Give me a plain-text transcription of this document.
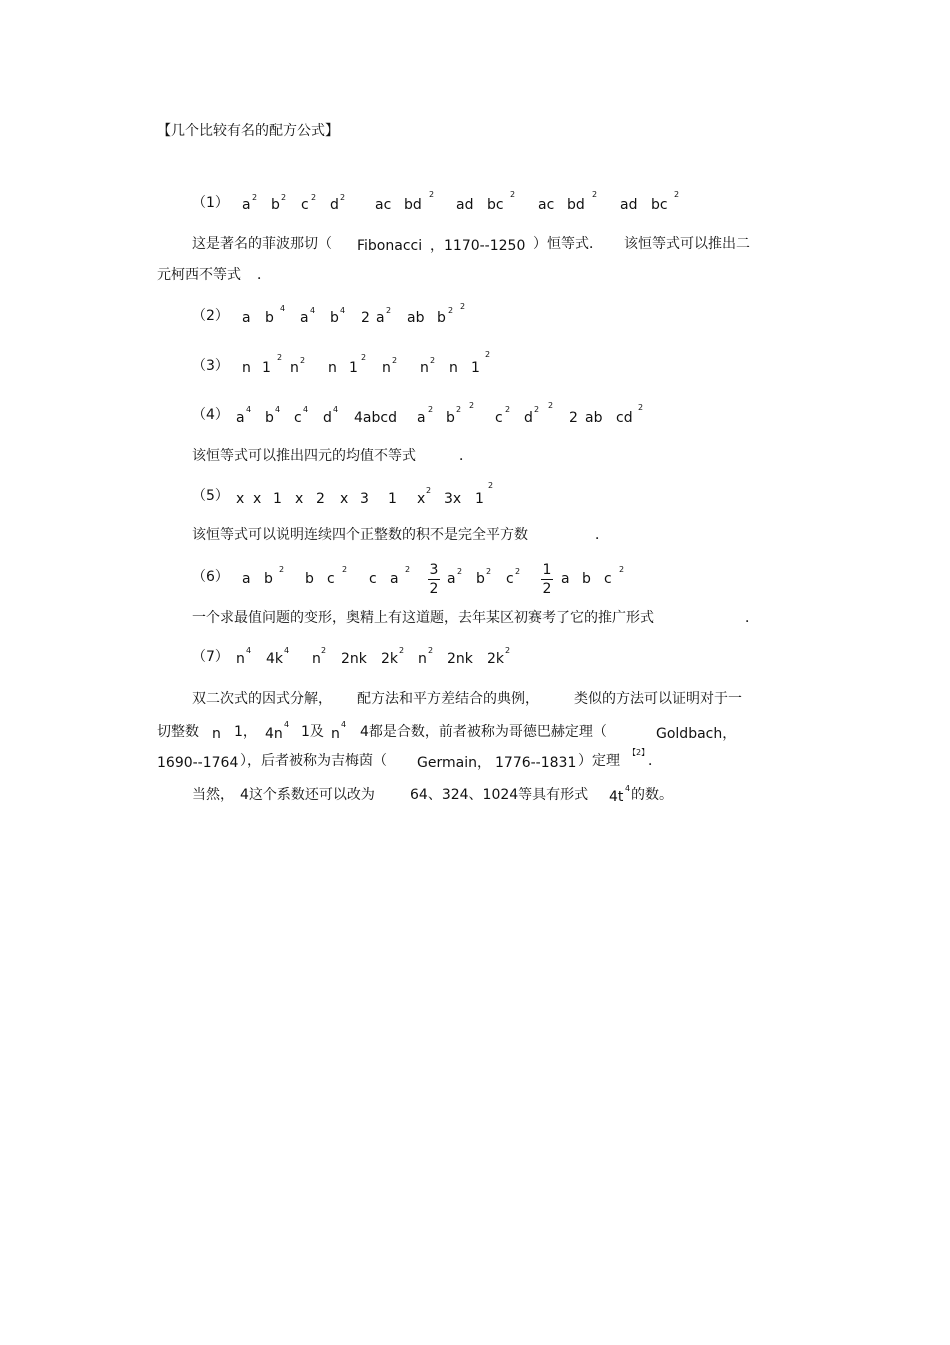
【几个比较有名的配方公式】
（1） a 2 b 2 c 2 d 2 ac bd
2
ad bc
2
ac bd
2
ad bc
2
这是著名的菲波那切（ Fibonacci ，1170--1250 ）恒等式． 该恒等式可以推出二
元柯西不等式 ．
（2） a b
4
a 4 b 4 2 a 2 ab b 2 2
（3） n 1
2
n 2 n 1
2
n 2 n 2 n 1
2
（4） a
4
b
4
c
4
d
4
4abcd a
2
b
2 2
c
2
d
2 2
2 ab cd
2
该恒等式可以推出四元的均值不等式	．
（5） x x 1 x 2 x 3 1 x
2
3x 1
2
该恒等式可以说明连续四个正整数的积不是完全平方数	．
（6） a b
2
b c
2
c a
2 3
2
a 2 b 2 c 2 1
2
a b c
2
一个求最值问题的变形，奥精上有这道题，去年某区初赛考了它的推广形式	．
（7） n
4
4k
4
n
2
2nk 2k
2
n
2
2nk 2k
2
双二次式的因式分解， 配方法和平方差结合的典例，	类似的方法可以证明对于一
切整数 n 1， 4n
4 1及 n
4 4都是合数，前者被称为哥德巴赫定理（	Goldbach，
1690--1764 ），后者被称为吉梅茵（ Germain， 1776--1831 ）定理
【2】
．
当然， 4这个系数还可以改为	64、324、1024等具有形式 4t
4 的数。
